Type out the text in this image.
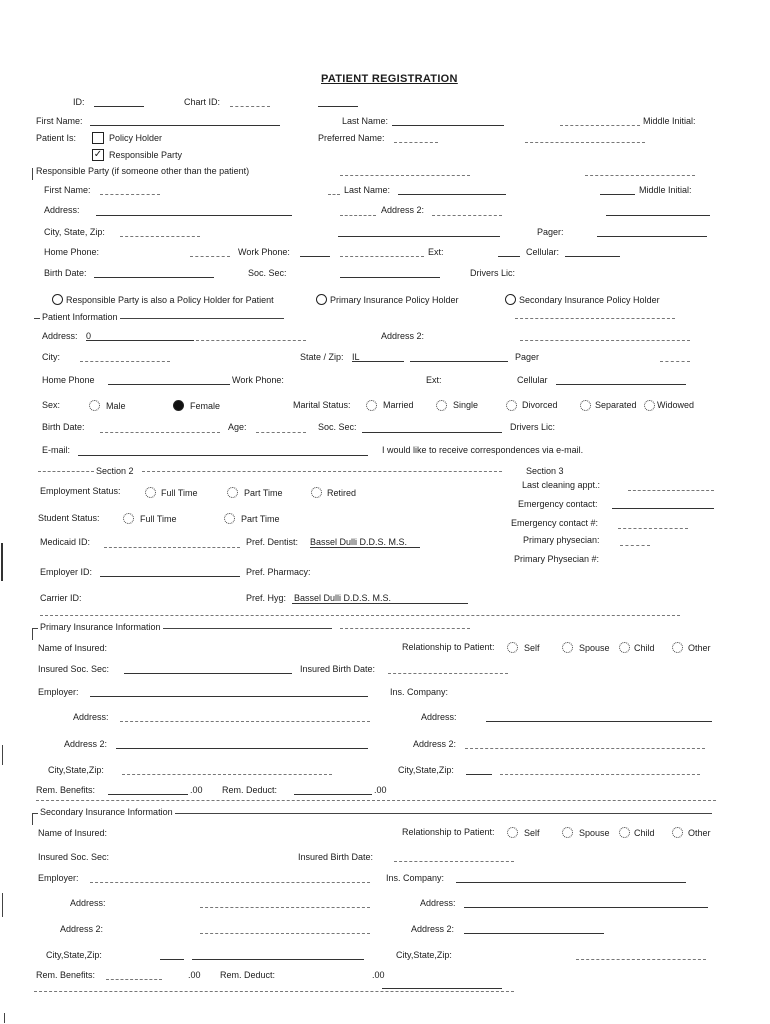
PATIENT REGISTRATION
ID:	Chart ID:
First Name:	Last Name:	Middle Initial:
Patient Is:	Policy Holder
✓ Responsible Party
Preferred Name:
Responsible Party (if someone other than the patient)
First Name:	Last Name:	Middle Initial:
Address:	Address 2:
City, State, Zip:	Pager:
Home Phone:	Work Phone:	Ext:	Cellular:
Birth Date:	Soc. Sec:	Drivers Lic:
Responsible Party is also a Policy Holder for Patient	Primary Insurance Policy Holder	Secondary Insurance Policy Holder
Patient Information
Address: 0	Address 2:
City:	State / Zip: IL	Pager
Home Phone	Work Phone:	Ext:	Cellular
Sex:	Male	Female	Marital Status:	Married	Single	Divorced	Separated Widowed
Birth Date:	Age:	Soc. Sec:	Drivers Lic:
E-mail:	I would like to receive correspondences via e-mail.
Section 2	Section 3
Employment Status:	Full Time	Part Time	Retired
Last cleaning appt.:
Emergency contact:
Student Status:	Full Time	Part Time	Emergency contact #:
Medicaid ID:	Pref. Dentist: Bassel Dulli D.D.S. M.S.	Primary physecian:
Primary Physecian #:
Employer ID:	Pref. Pharmacy:
Carrier ID:	Pref. Hyg: Bassel Dulli D.D.S. M.S.
Primary Insurance Information
Name of Insured:	Relationship to Patient:	Self	Spouse	Child	Other
Insured Soc. Sec:	Insured Birth Date:
Employer:	Ins. Company:
Address:	Address:
Address 2:	Address 2:
City,State,Zip:	City,State,Zip:
Rem. Benefits:	.00 Rem. Deduct:	.00
Secondary Insurance Information
Name of Insured:	Relationship to Patient:	Self	Spouse	Child	Other
Insured Soc. Sec:	Insured Birth Date:
Employer:	Ins. Company:
Address:	Address:
Address 2:	Address 2:
City,State,Zip:	City,State,Zip:
Rem. Benefits:	.00 Rem. Deduct:	.00
